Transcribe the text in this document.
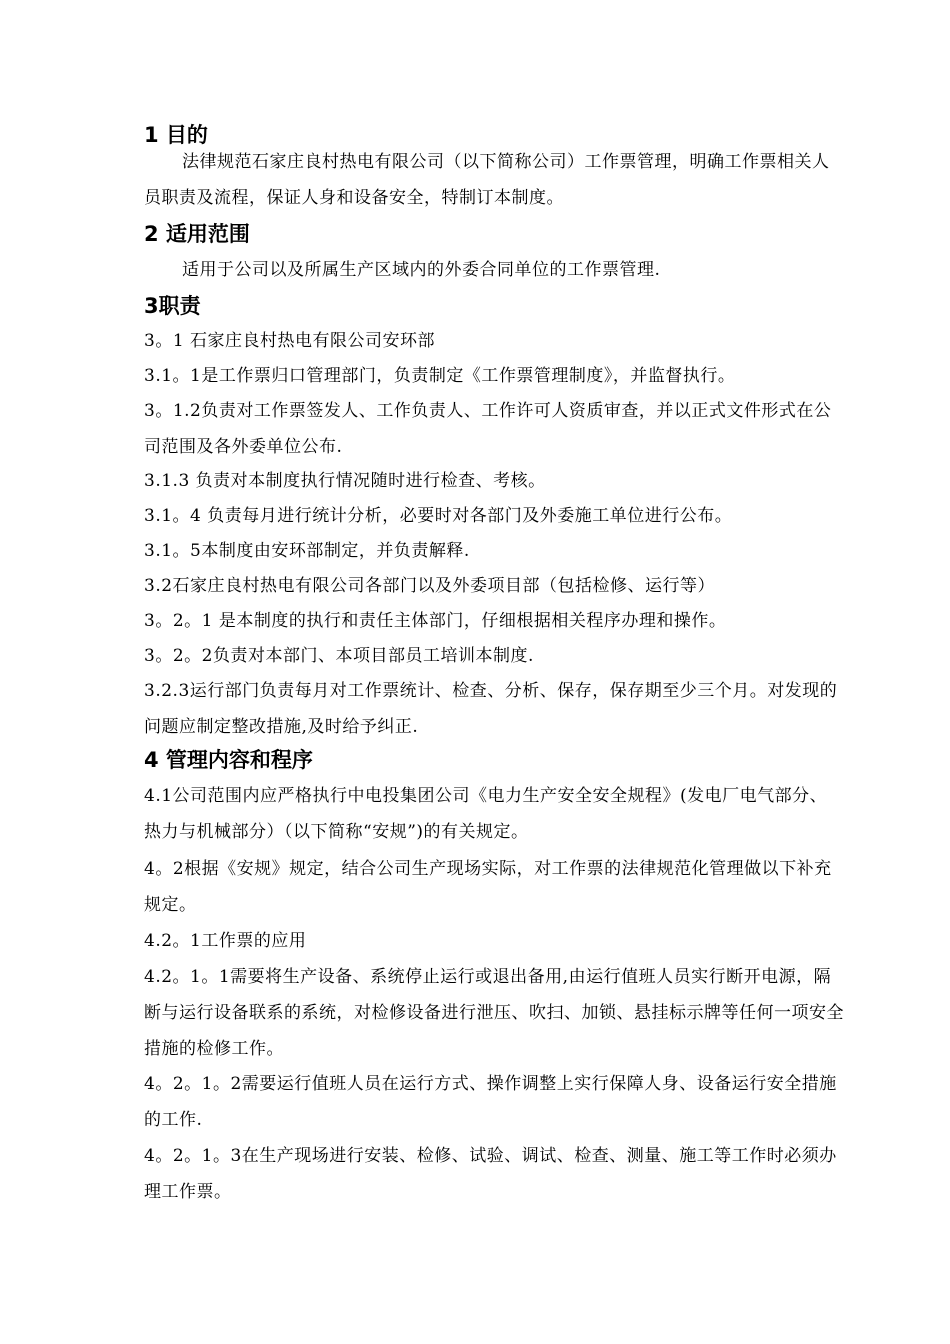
1 目的
法律规范石家庄良村热电有限公司（以下简称公司）工作票管理，明确工作票相关人员职责及流程，保证人身和设备安全，特制订本制度。
2 适用范围
适用于公司以及所属生产区域内的外委合同单位的工作票管理.
3职责
3。1 石家庄良村热电有限公司安环部
3.1。1是工作票归口管理部门，负责制定《工作票管理制度》，并监督执行。
3。1.2负责对工作票签发人、工作负责人、工作许可人资质审查，并以正式文件形式在公司范围及各外委单位公布.
3.1.3 负责对本制度执行情况随时进行检查、考核。
3.1。4 负责每月进行统计分析，必要时对各部门及外委施工单位进行公布。
3.1。5本制度由安环部制定，并负责解释.
3.2石家庄良村热电有限公司各部门以及外委项目部（包括检修、运行等）
3。2。1 是本制度的执行和责任主体部门，仔细根据相关程序办理和操作。
3。2。2负责对本部门、本项目部员工培训本制度.
3.2.3运行部门负责每月对工作票统计、检查、分析、保存，保存期至少三个月。对发现的问题应制定整改措施,及时给予纠正.
4 管理内容和程序
4.1公司范围内应严格执行中电投集团公司《电力生产安全安全规程》(发电厂电气部分、热力与机械部分）（以下简称“安规”)的有关规定。
4。2根据《安规》规定，结合公司生产现场实际，对工作票的法律规范化管理做以下补充规定。
4.2。1工作票的应用
4.2。1。1需要将生产设备、系统停止运行或退出备用,由运行值班人员实行断开电源，隔断与运行设备联系的系统，对检修设备进行泄压、吹扫、加锁、悬挂标示牌等任何一项安全措施的检修工作。
4。2。1。2需要运行值班人员在运行方式、操作调整上实行保障人身、设备运行安全措施的工作.
4。2。1。3在生产现场进行安装、检修、试验、调试、检查、测量、施工等工作时必须办理工作票。
